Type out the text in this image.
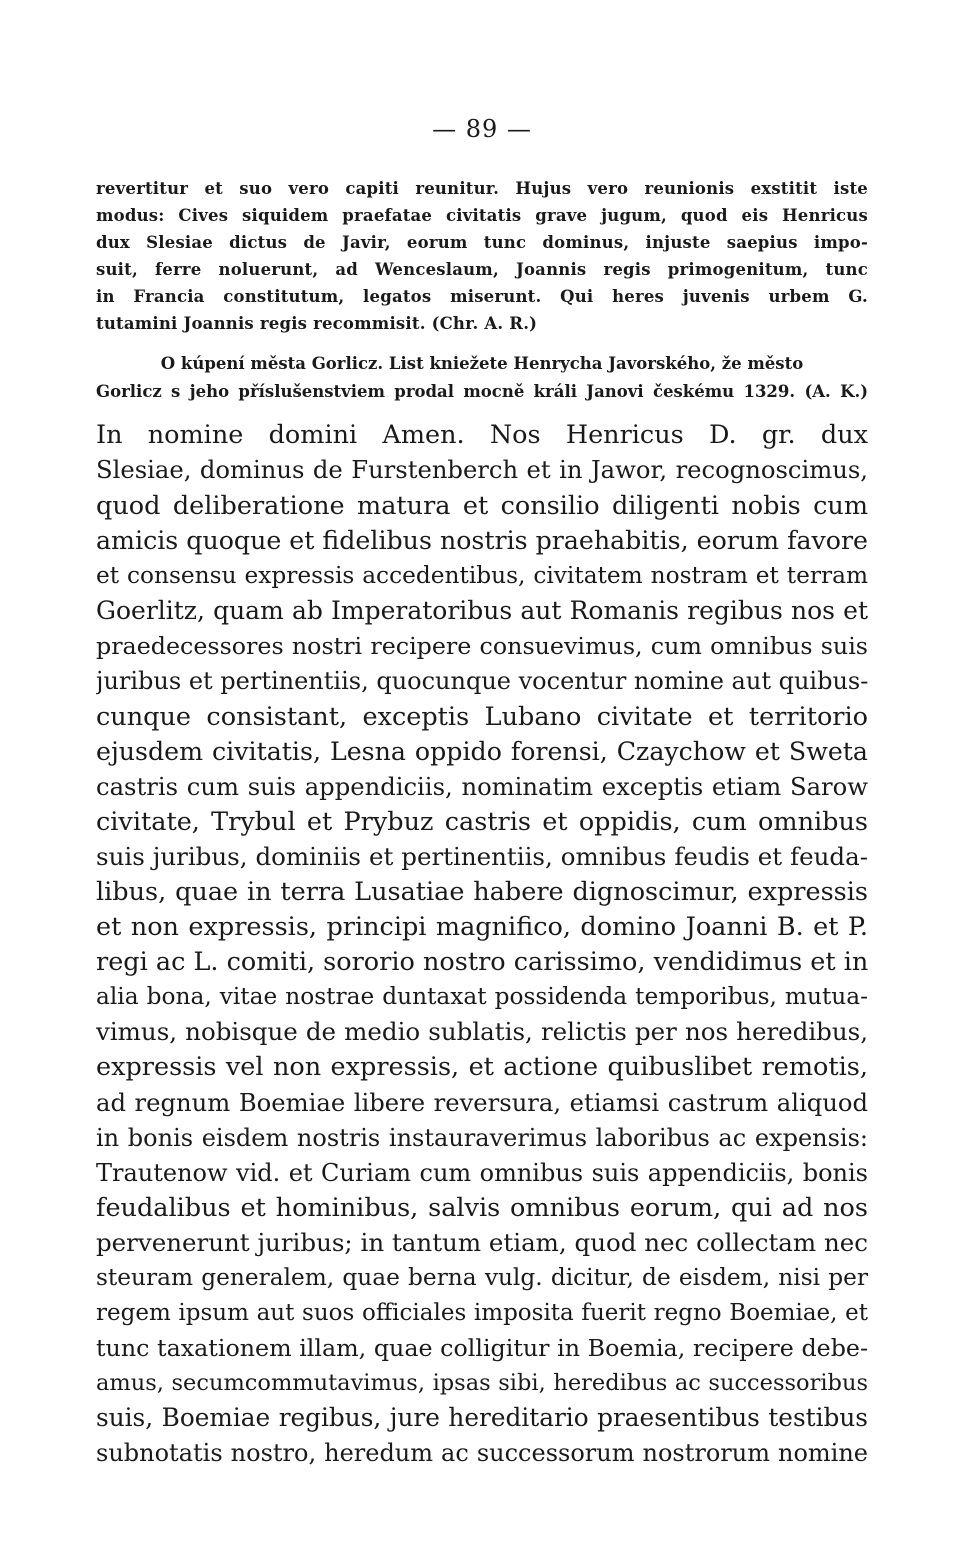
— 89 —
revertitur et suo vero capiti reunitur. Hujus vero reunionis exstitit iste
modus: Cives siquidem praefatae civitatis grave jugum, quod eis Henricus
dux Slesiae dictus de Javir, eorum tunc dominus, injuste saepius impo-
suit, ferre noluerunt, ad Wenceslaum, Joannis regis primogenitum, tunc
in Francia constitutum, legatos miserunt. Qui heres juvenis urbem G.
tutamini Joannis regis recommisit. (Chr. A. R.)
O kúpení města Gorlicz. List kniežete Henrycha Javorského, že město
Gorlicz s jeho příslušenstviem prodal mocně králi Janovi českému 1329. (A. K.)
In nomine domini Amen. Nos Henricus D. gr. dux
Slesiae, dominus de Furstenberch et in Jawor, recognoscimus,
quod deliberatione matura et consilio diligenti nobis cum
amicis quoque et fidelibus nostris praehabitis, eorum favore
et consensu expressis accedentibus, civitatem nostram et terram
Goerlitz, quam ab Imperatoribus aut Romanis regibus nos et
praedecessores nostri recipere consuevimus, cum omnibus suis
juribus et pertinentiis, quocunque vocentur nomine aut quibus-
cunque consistant, exceptis Lubano civitate et territorio
ejusdem civitatis, Lesna oppido forensi, Czaychow et Sweta
castris cum suis appendiciis, nominatim exceptis etiam Sarow
civitate, Trybul et Prybuz castris et oppidis, cum omnibus
suis juribus, dominiis et pertinentiis, omnibus feudis et feuda-
libus, quae in terra Lusatiae habere dignoscimur, expressis
et non expressis, principi magnifico, domino Joanni B. et P.
regi ac L. comiti, sororio nostro carissimo, vendidimus et in
alia bona, vitae nostrae duntaxat possidenda temporibus, mutua-
vimus, nobisque de medio sublatis, relictis per nos heredibus,
expressis vel non expressis, et actione quibuslibet remotis,
ad regnum Boemiae libere reversura, etiamsi castrum aliquod
in bonis eisdem nostris instauraverimus laboribus ac expensis:
Trautenow vid. et Curiam cum omnibus suis appendiciis, bonis
feudalibus et hominibus, salvis omnibus eorum, qui ad nos
pervenerunt juribus; in tantum etiam, quod nec collectam nec
steuram generalem, quae berna vulg. dicitur, de eisdem, nisi per
regem ipsum aut suos officiales imposita fuerit regno Boemiae, et
tunc taxationem illam, quae colligitur in Boemia, recipere debe-
amus, secumcommutavimus, ipsas sibi, heredibus ac successoribus
suis, Boemiae regibus, jure hereditario praesentibus testibus
subnotatis nostro, heredum ac successorum nostrorum nomine
